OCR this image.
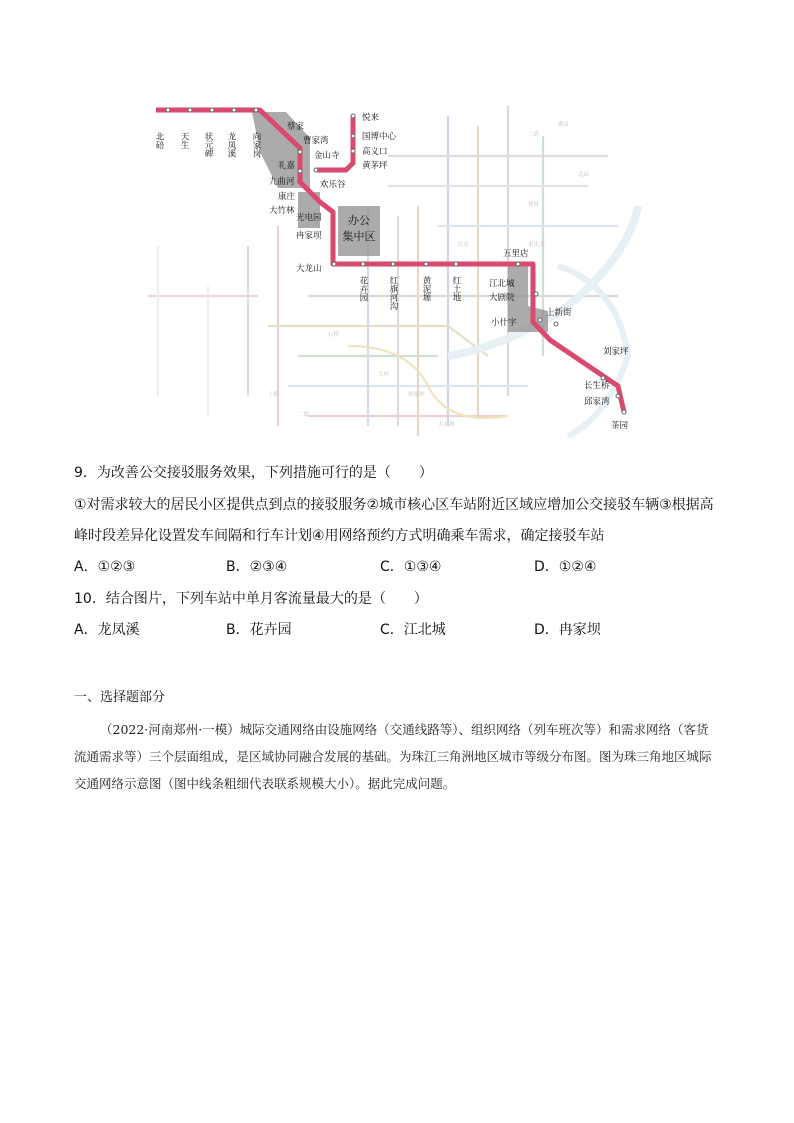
三湾
观音
北站
鸳鸯
红岩	重庆北
石桥
大坪
杨家坪
上桥
大石坝
二郎
北碚 天生 状元碑 龙凤溪 向家岗
蔡家
曹家湾
金山寺
悦来
国博中心
高义口
黄茅坪
礼嘉
九曲河	欢乐谷
康庄
大竹林
光电园
冉家坝
大龙山
办公
集中区
花卉园 红旗河沟	黄泥塬 红土地
五里店
江北城
大剧院
小什字
上新街
刘家坪
长生桥
邱家湾
茶园
9．为改善公交接驳服务效果，下列措施可行的是（　　）
①对需求较大的居民小区提供点到点的接驳服务②城市核心区车站附近区域应增加公交接驳车辆③根据高
峰时段差异化设置发车间隔和行车计划④用网络预约方式明确乘车需求，确定接驳车站
A．①②③	B．②③④	C．①③④	D．①②④
10．结合图片，下列车站中单月客流量最大的是（　　）
A．龙凤溪	B．花卉园	C．江北城	D．冉家坝
一、选择题部分
（2022·河南郑州·一模）城际交通网络由设施网络（交通线路等）、组织网络（列车班次等）和需求网络（客货流通需求等）三个层面组成，是区域协同融合发展的基础。为珠江三角洲地区城市等级分布图。图为珠三角地区城际交通网络示意图（图中线条粗细代表联系规模大小）。据此完成问题。
